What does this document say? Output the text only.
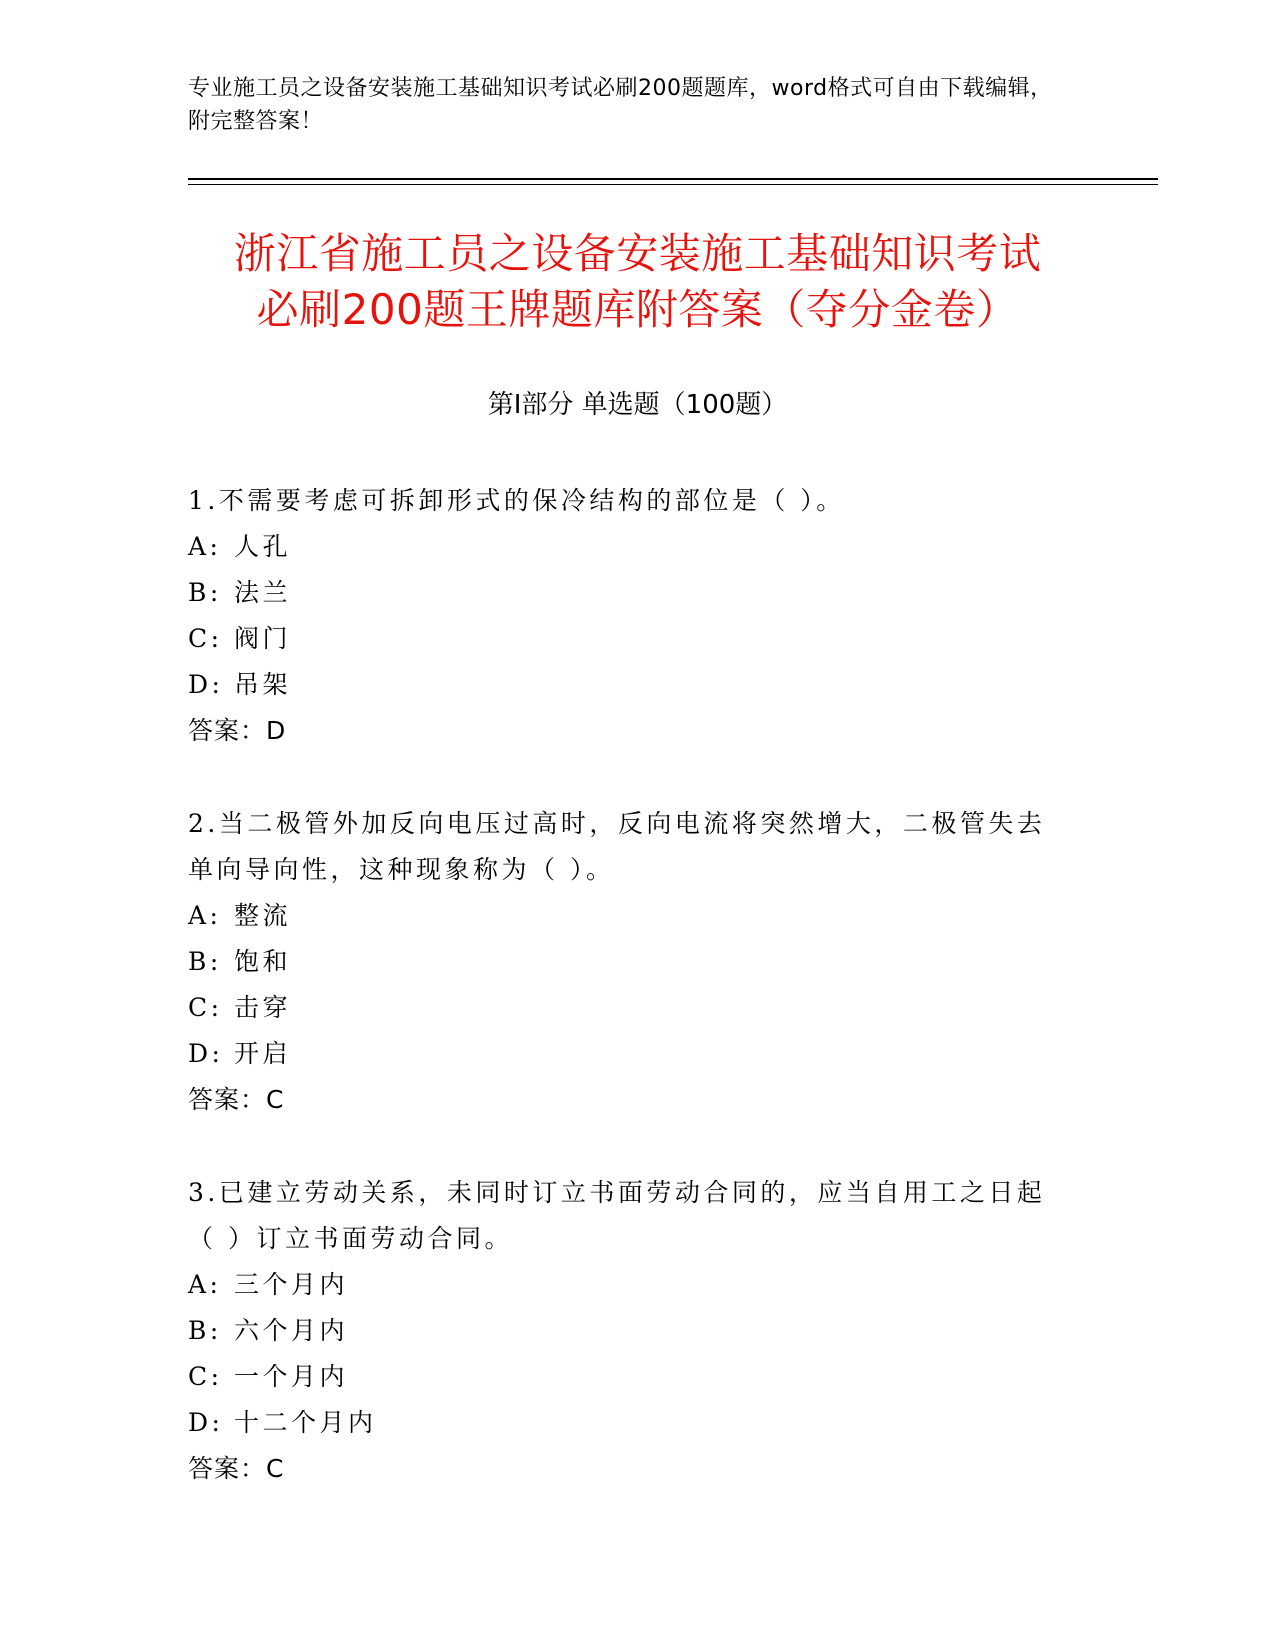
专业施工员之设备安装施工基础知识考试必刷200题题库，word格式可自由下载编辑，附完整答案！
浙江省施工员之设备安装施工基础知识考试
必刷200题王牌题库附答案（夺分金卷）
第Ⅰ部分 单选题（100题）

1.不需要考虑可拆卸形式的保冷结构的部位是（ ）。

A: 人孔

B: 法兰

C: 阀门

D: 吊架

答案：D

2.当二极管外加反向电压过高时，反向电流将突然增大，二极管失去单向导向性，这种现象称为（ ）。

A: 整流

B: 饱和

C: 击穿

D: 开启

答案：C

3.已建立劳动关系，未同时订立书面劳动合同的，应当自用工之日起（ ）订立书面劳动合同。

A: 三个月内

B: 六个月内

C: 一个月内

D: 十二个月内

答案：C
